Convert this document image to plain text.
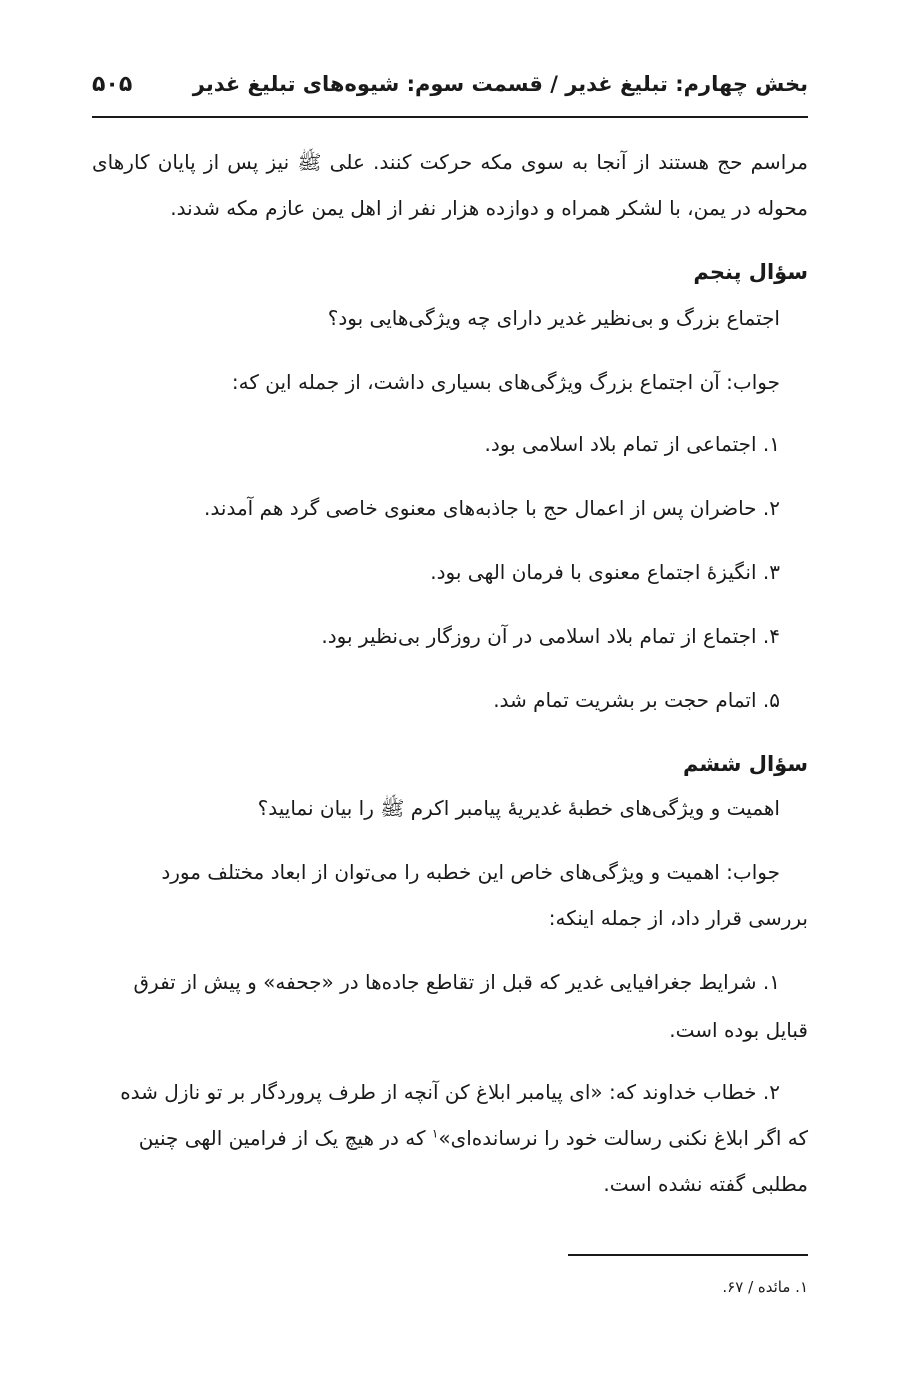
بخش چهارم: تبلیغ غدیر / قسمت سوم: شیوه‌های تبلیغ غدیر
۵۰۵
مراسم حج هستند از آنجا به سوی مکه حرکت کنند. علی ﷺ نیز پس از پایان کارهای
محوله در یمن، با لشکر همراه و دوازده هزار نفر از اهل یمن عازم مکه شدند.
سؤال پنجم
اجتماع بزرگ و بی‌نظیر غدیر دارای چه ویژگی‌هایی بود؟
جواب: آن اجتماع بزرگ ویژگی‌های بسیاری داشت، از جمله این که:
۱. اجتماعی از تمام بلاد اسلامی بود.
۲. حاضران پس از اعمال حج با جاذبه‌های معنوی خاصی گرد هم آمدند.
۳. انگیزهٔ اجتماع معنوی با فرمان الهی بود.
۴. اجتماع از تمام بلاد اسلامی در آن روزگار بی‌نظیر بود.
۵. اتمام حجت بر بشریت تمام شد.
سؤال ششم
اهمیت و ویژگی‌های خطبهٔ غدیریهٔ پیامبر اکرم ﷺ را بیان نمایید؟
جواب: اهمیت و ویژگی‌های خاص این خطبه را می‌توان از ابعاد مختلف مورد
بررسی قرار داد، از جمله اینکه:
۱. شرایط جغرافیایی غدیر که قبل از تقاطع جاده‌ها در «جحفه» و پیش از تفرق
قبایل بوده است.
۲. خطاب خداوند که: «ای پیامبر ابلاغ کن آنچه از طرف پروردگار بر تو نازل شده
که اگر ابلاغ نکنی رسالت خود را نرسانده‌ای»$^۱$ که در هیچ یک از فرامین الهی چنین
مطلبی گفته نشده است.
۱. مائده / ۶۷.
